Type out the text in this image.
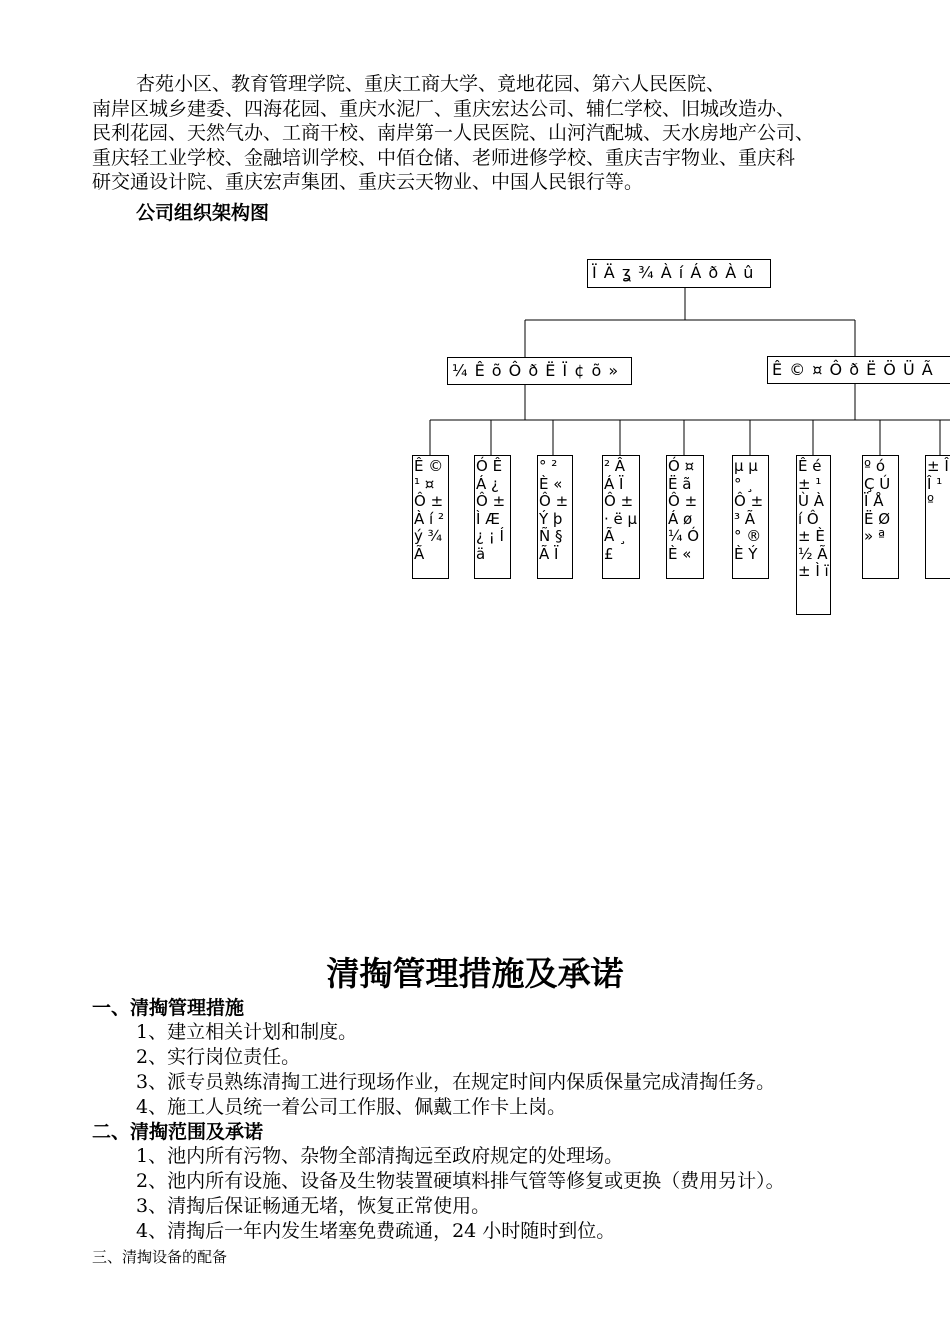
杏苑小区、教育管理学院、重庆工商大学、竟地花园、第六人民医院、
南岸区城乡建委、四海花园、重庆水泥厂、重庆宏达公司、辅仁学校、旧城改造办、
民利花园、天然气办、工商干校、南岸第一人民医院、山河汽配城、天水房地产公司、
重庆轻工业学校、金融培训学校、中佰仓储、老师进修学校、重庆吉宇物业、重庆科
研交通设计院、重庆宏声集团、重庆云天物业、中国人民银行等。
公司组织架构图
Ï Ä ʓ ¾ À í Á ð À û
¼ Ê õ Ô ð Ë Ï ¢ õ »	Ê © ¤ Ô ð Ë Ö Ü Ã
Ê © ¹ ¤ Ô ± À í ² ý ¾ Ã
Ó Ê Á ¿ Ô ± Ì Æ ¿ ¡ Í ä
° ² È « Ô ± Ý þ Ñ § Ã Ï
² Â Á Ï Ô ± · ë µ Ã ¸ £
Ó ¤ Ë ã Ô ± Á ø ¼ Ó È «
µ µ ° ¸ Ô ± ³ Ã ° ® È Ý
Ê é ± ¹ Ù À í Ô ± È ½ Ã ± Ì ï
º ó Ç Ú Ï Å Ë Ø » ª
± Î Î ¹ º
清掏管理措施及承诺
一、清掏管理措施
1、建立相关计划和制度。
2、实行岗位责任。
3、派专员熟练清掏工进行现场作业，在规定时间内保质保量完成清掏任务。
4、施工人员统一着公司工作服、佩戴工作卡上岗。
二、清掏范围及承诺
1、池内所有污物、杂物全部清掏远至政府规定的处理场。
2、池内所有设施、设备及生物装置硬填料排气管等修复或更换（费用另计）。
3、清掏后保证畅通无堵，恢复正常使用。
4、清掏后一年内发生堵塞免费疏通，24 小时随时到位。
三、清掏设备的配备
